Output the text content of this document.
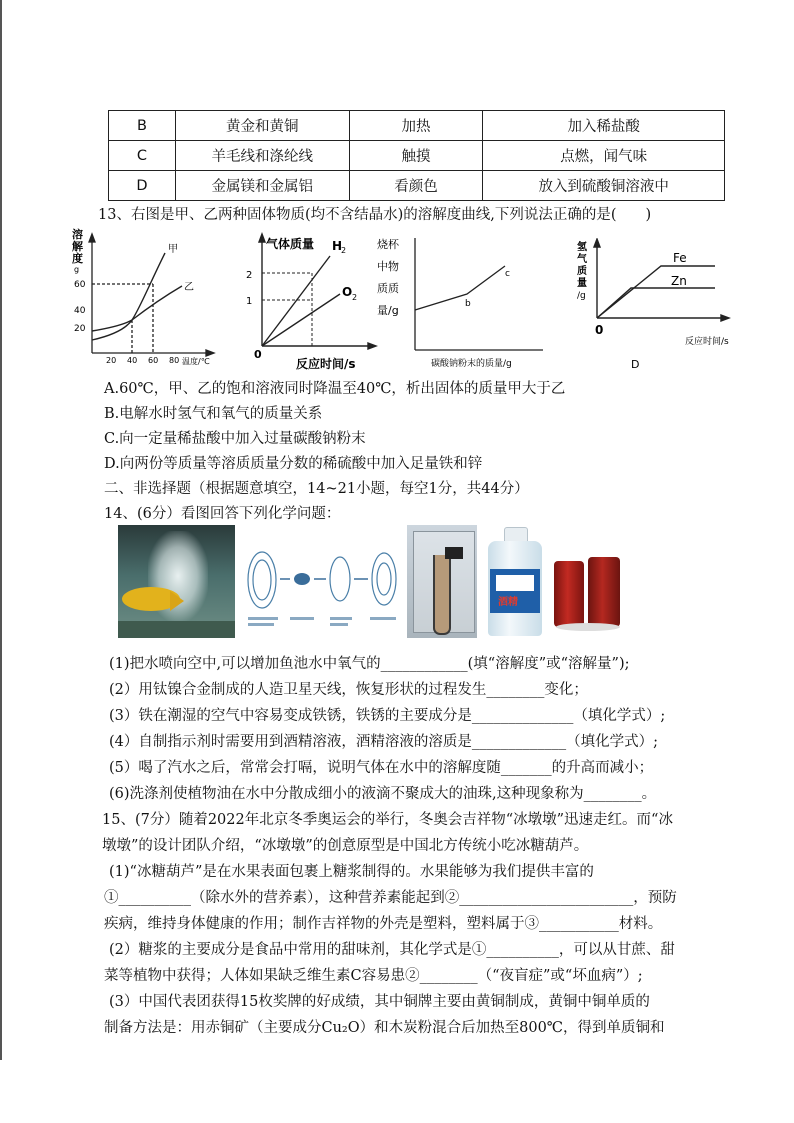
B	黄金和黄铜	加热	加入稀盐酸
C	羊毛线和涤纶线	触摸	点燃，闻气味
D	金属镁和金属铝	看颜色	放入到硫酸铜溶液中
13、右图是甲、乙两种固体物质(均不含结晶水)的溶解度曲线,下列说法正确的是(　　)
溶
解
度
g
60
40
20
20 40 60 80 温度/℃
甲
乙
气体质量 H
2
O 2
2
1
0
反应时间/s
烧杯
中物
质质
量/g	b
c
碳酸钠粉末的质量/g
氢
气
质
量
/g
Fe
Zn
0
反应时间/s
D
A.60℃，甲、乙的饱和溶液同时降温至40℃，析出固体的质量甲大于乙
B.电解水时氢气和氧气的质量关系
C.向一定量稀盐酸中加入过量碳酸钠粉末
D.向两份等质量等溶质质量分数的稀硫酸中加入足量铁和锌
二、非选择题（根据题意填空，14~21小题，每空1分，共44分）
14、(6分）看图回答下列化学问题：
酒精
(1)把水喷向空中,可以增加鱼池水中氧气的____________(填“溶解度”或“溶解量”);
(2）用钛镍合金制成的人造卫星天线，恢复形状的过程发生________变化；
(3）铁在潮湿的空气中容易变成铁锈，铁锈的主要成分是______________（填化学式）;
(4）自制指示剂时需要用到酒精溶液，酒精溶液的溶质是_____________（填化学式）;
(5）喝了汽水之后，常常会打嗝，说明气体在水中的溶解度随_______的升高而减小；
(6)洗涤剂使植物油在水中分散成细小的液滴不聚成大的油珠,这种现象称为________。
15、(7分）随着2022年北京冬季奥运会的举行，冬奥会吉祥物“冰墩墩”迅速走红。而“冰
墩墩”的设计团队介绍，“冰墩墩”的创意原型是中国北方传统小吃冰糖葫芦。
(1)“冰糖葫芦”是在水果表面包裹上糖浆制得的。水果能够为我们提供丰富的
①__________（除水外的营养素），这种营养素能起到②________________________，预防
疾病，维持身体健康的作用；制作吉祥物的外壳是塑料，塑料属于③___________材料。
(2）糖浆的主要成分是食品中常用的甜味剂，其化学式是①__________，可以从甘蔗、甜
菜等植物中获得；人体如果缺乏维生素C容易患②________（“夜盲症”或“坏血病”）;
(3）中国代表团获得15枚奖牌的好成绩，其中铜牌主要由黄铜制成，黄铜中铜单质的
制备方法是：用赤铜矿（主要成分Cu₂O）和木炭粉混合后加热至800℃，得到单质铜和
